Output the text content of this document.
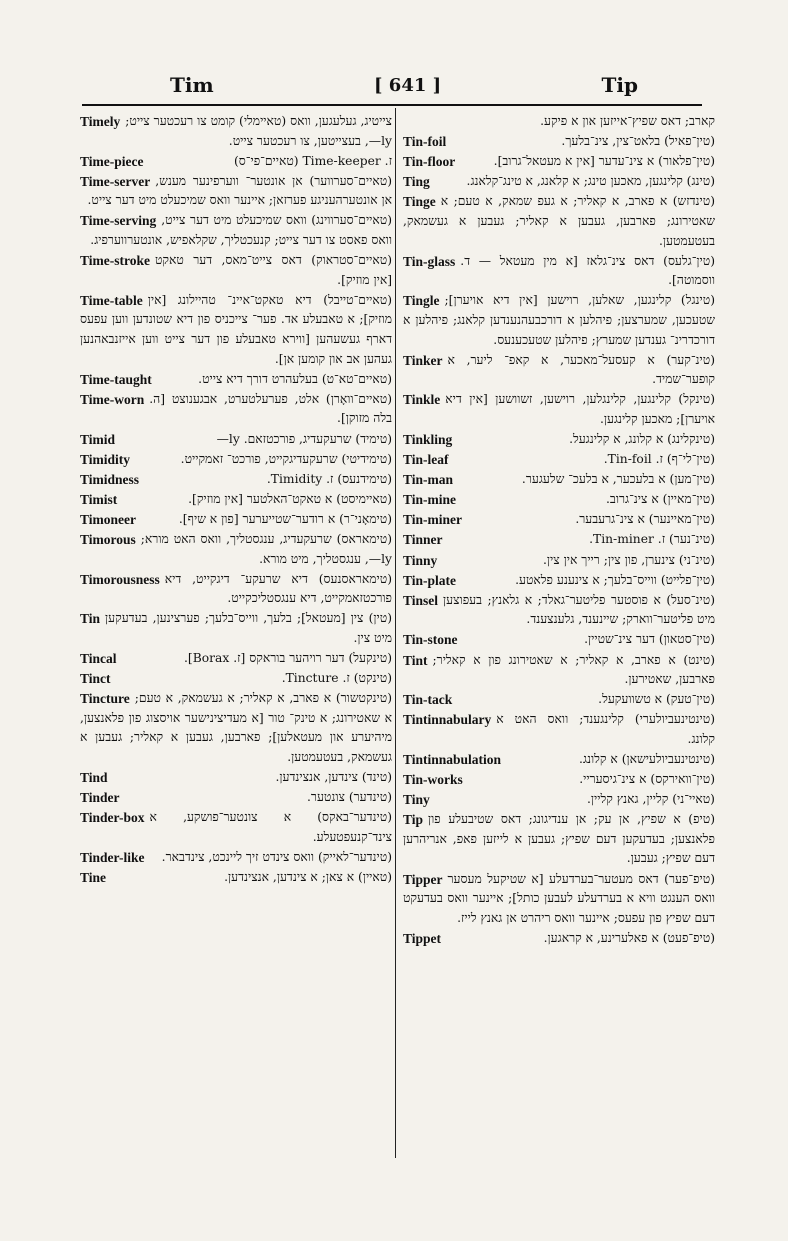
Tim	[ 641 ]	Tip
Timely צייטיג, געלעגען, וואס (טאיימלי) קומט צו רעכטער צייט; ly—, בעצייטען, צו רעכטער צייט.
Time-piece	ז. Time-keeper (טאיים־פי־ס)
Time-server (טאיים־סערווער) אן אונטער־ ווערפינער מענש, אן אונטערהעניגע פערזאן; איינער וואס שמיכעלט מיט דער צייט.
Time-serving (טאיים־סערווינג) וואס שמיכעלט מיט דער צייט, וואס פאסט צו דער צייט; קנעכטליך, שקלאפיש, אונטערווערפיג.
Time-stroke (טאיים־סטראוק) דאס צייט־מאס, דער טאקט [אין מוזיק].
Time-table (טאיים־טייבל) דיא טאקט־איינ־ טהיילונג [אין מוזיק]; א טאבעלע אד. פער־ צייכניס פון דיא שטונדען ווען עפעס דארף געשעהען [ווירא טאבעלע פון דער צייט ווען אייזנבאהנען געהען אב און קומען אן].
Time-taught	(טאיים־טא־ט) בעלעהרט דורך דיא צייט.
Time-worn (טאיים־וואָרן) אלט, פערעלטערט, אבגענוצט [ה. בלה מזוקן].
Timid	(טימיד) שרעקעדיג, פורכטזאם. ly—
Timidity	(טימידיטי) שרעקעדיגקייט, פורכט־ זאמקייט.
Timidness	(טימידנעס) ז. Timidity.
Timist	(טאיימיסט) א טאקט־האלטער [אין מוזיק].
Timoneer	(טימאָני־ר) א רודער־שטייערער [פון א שיף].
Timorous (טימאראס) שרעקעדיג, ענגסטליך, וואס האט מורא; ly—, ענגסטליך, מיט מורא.
Timorousness (טימאראסנעס) דיא שרעקע־ דיגקייט, דיא פורכטזאמקייט, דיא ענגסטליכקייט.
Tin (טין) צין [מעטאל]; בלעך, ווייס־בלעך; פערצינען, בעדעקען מיט צין.
Tincal	(טינקעל) דער רויהער בוראקס [ז. Borax].
Tinct	(טינקט) ז. Tincture.
Tincture (טינקטשור) א פארב, א קאליר; א געשמאק, א טעם; א שאטירונג; א טינק־ טור [א מעדיצינישער אויסצוג פון פלאנצען, מיהיערע און מעטאלען]; פארבען, געבען א קאליר; געבען א געשמאק, בעטעמטען.
Tind	(טינד) צינדען, אנצינדען.
Tinder	(טינדער) צונטער.
Tinder-box (טינדער־באקס) א צונטער־פושקע, א צינד־קנעפטעלע.
Tinder-like	(טינדער־לאייק) וואס צינדט זיך ליינכט, צינדבאר.
Tine	(טאיין) א צאן; א צינדען, אנצינדען.
קארב; דאס שפיץ־אייזען און א פיקע.
Tin-foil	(טין־פאיל) בלאט־צין, צינ־בלעך.
Tin-floor	(טין־פלאור) א צינ־עדער [אין א מעטאל־גרוב].
Ting	(טינג) קלינגען, מאכען טינג; א קלאנג, א טינג־קלאנג.
Tinge (טינדזש) א פארב, א קאליר; א געפ שמאק, א טעם; א שאטירונג; פארבען, געבען א קאליר; געבען א געשמאק, בעטעמטען.
Tin-glass (טין־גלעס) דאס צינ־גלאז [א מין מעטאל — ד. ווסמוטה].
Tingle (טינגל) קלינגען, שאלען, רוישען [אין דיא אויערן]; שטעכען, שמערצען; פיהלען א דורכבעהנענדען קלאנג; פיהלען א דורכדרינ־ גענדען שמערץ; פיהלען שטעכענעס.
Tinker (טינ־קער) א קעסעל־מאכער, א קאפ־ ליער, א קופער־שמיד.
Tinkle (טינקל) קלינגען, קלינגלען, רוישען, זשוושען [אין דיא אויערן]; מאכען קלינגען.
Tinkling	(טינקלינג) א קלונג, א קלינגעל.
Tin-leaf	(טין־לי־ף) ז. Tin-foil.
Tin-man	(טין־מען) א בלעכער, א בלעכ־ שלעגער.
Tin-mine	(טין־מאיין) א צינ־גרוב.
Tin-miner	(טין־מאיינער) א צינ־גרעבער.
Tinner	(טינ־נער) ז. Tin-miner.
Tinny	(טינ־ני) צינערן, פון צין; רייך אין צין.
Tin-plate	(טין־פלייט) ווייס־בלעך; א צינענע פלאטע.
Tinsel (טינ־סעל) א פוסטער פליטער־גאלד; א גלאנץ; בעפוצען מיט פליטער־ווארק; שיינענד, גלענצענד.
Tin-stone	(טין־סטאון) דער צינ־שטיין.
Tint (טינט) א פארב, א קאליר; א שאטירונג פון א קאליר; פארבען, שאטירען.
Tin-tack	(טין־טעק) א טשוועקעל.
Tintinnabulary (טינטינעביולערי) קלינגענד; וואס האט א קלונג.
Tintinnabulation	(טינטינעביולעישאן) א קלונג.
Tin-works	(טין־וואירקס) א צינ־גיסעריי.
Tiny	(טאיי־ני) קליין, גאנץ קליין.
Tip (טיפ) א שפיץ, אן עק; אן ענדיגונג; דאס שטיבעלע פון פלאנצען; בעדעקען דעם שפיץ; געבען א לייזען פאפ, אנריהרען דעם שפיץ; געבען.
Tipper (טיפ־פער) דאס מעטער־בערדעלע [א שטיקעל מעסער וואס הענגט וויא א בערדעלע לעבען כותל]; איינער וואס בעדעקט דעם שפיץ פון עפעס; איינער וואס ריהרט אן גאנץ לייז.
Tippet	(טיפ־פעט) א פאלערינע, א קראגען.
